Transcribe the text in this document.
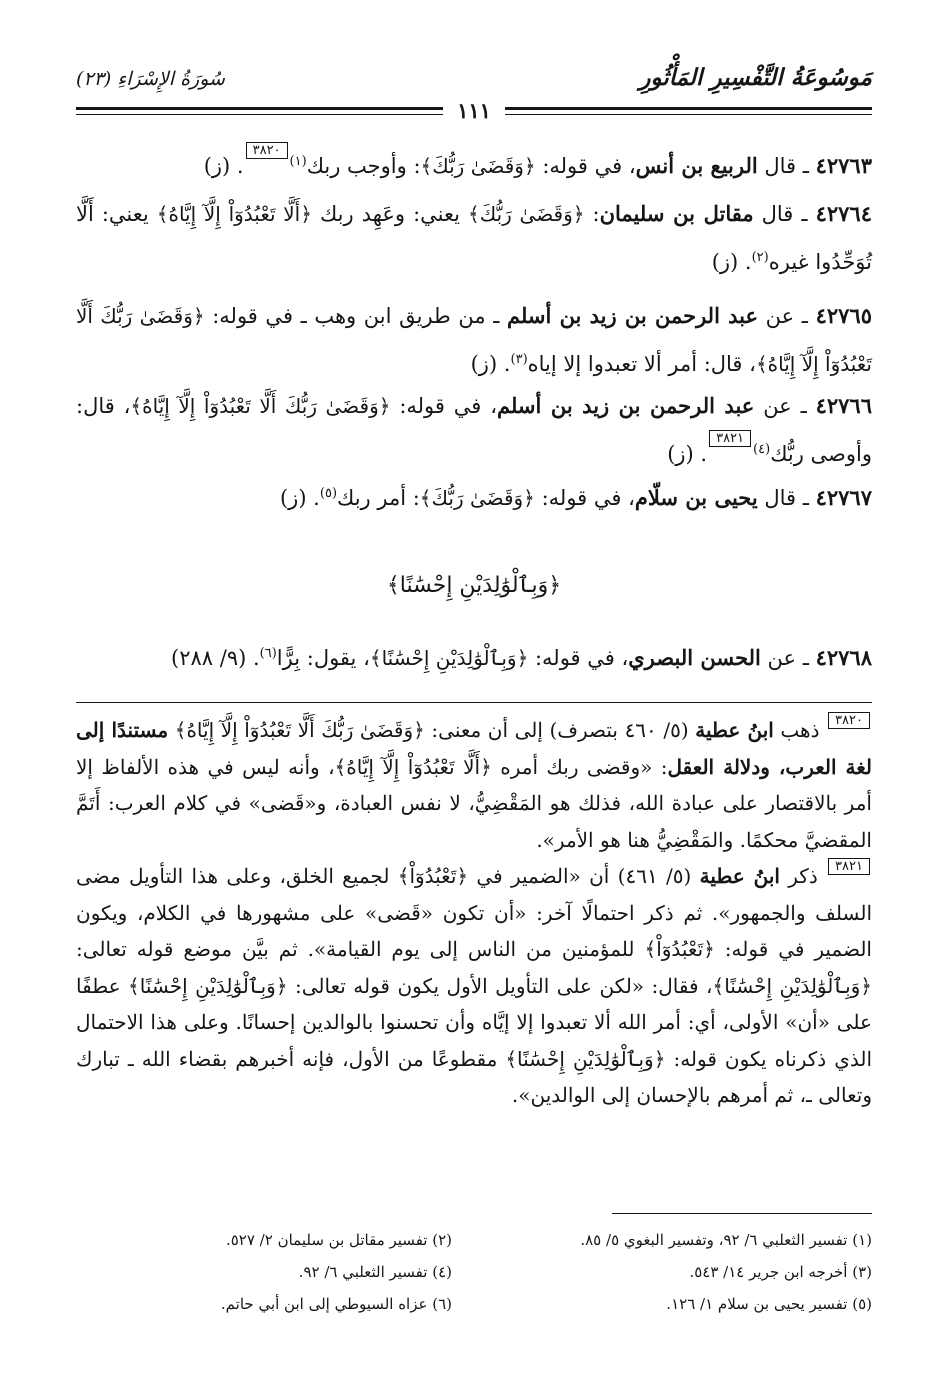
مَوسُوعَةُ التَّفْسِيرِ المَأْثُورِ
سُورَةُ الإِسْرَاءِ (٢٣)
١١١
٤٢٧٦٣ ـ قال الربيع بن أنس، في قوله: ﴿وَقَضَىٰ رَبُّكَ﴾: وأوجب ربك$^{(١)}$٣٨٢٠. (ز)
٤٢٧٦٤ ـ قال مقاتل بن سليمان: ﴿وَقَضَىٰ رَبُّكَ﴾ يعني: وعَهِد ربك ﴿أَلَّا تَعْبُدُوٓاْ إِلَّآ إِيَّاهُ﴾ يعني: أَلَّا تُوَحِّدُوا غيره$^{(٢)}$. (ز)
٤٢٧٦٥ ـ عن عبد الرحمن بن زيد بن أسلم ـ من طريق ابن وهب ـ في قوله: ﴿وَقَضَىٰ رَبُّكَ أَلَّا تَعْبُدُوٓاْ إِلَّآ إِيَّاهُ﴾، قال: أمر ألا تعبدوا إلا إياه$^{(٣)}$. (ز)
٤٢٧٦٦ ـ عن عبد الرحمن بن زيد بن أسلم، في قوله: ﴿وَقَضَىٰ رَبُّكَ أَلَّا تَعْبُدُوٓاْ إِلَّآ إِيَّاهُ﴾، قال: وأوصى ربُّك$^{(٤)}$٣٨٢١. (ز)
٤٢٧٦٧ ـ قال يحيى بن سلّام، في قوله: ﴿وَقَضَىٰ رَبُّكَ﴾: أمر ربك$^{(٥)}$. (ز)
﴿وَبِٱلْوَٰلِدَيْنِ إِحْسَٰنًا﴾
٤٢٧٦٨ ـ عن الحسن البصري، في قوله: ﴿وَبِٱلْوَٰلِدَيْنِ إِحْسَٰنًا﴾، يقول: بِرًّا$^{(٦)}$. (٩/ ٢٨٨)

٣٨٢٠ ذهب ابنُ عطية (٥/ ٤٦٠ بتصرف) إلى أن معنى: ﴿وَقَضَىٰ رَبُّكَ أَلَّا تَعْبُدُوٓاْ إِلَّآ إِيَّاهُ﴾ مستندًا إلى لغة العرب، ودلالة العقل: «وقضى ربك أمره ﴿أَلَّا تَعْبُدُوٓاْ إِلَّآ إِيَّاهُ﴾، وأنه ليس في هذه الألفاظ إلا أمر بالاقتصار على عبادة الله، فذلك هو المَقْضِيُّ، لا نفس العبادة، و«قَضى» في كلام العرب: أَتَمَّ المقضيَّ محكمًا. والمَقْضِيُّ هنا هو الأمر».

٣٨٢١ ذكر ابنُ عطية (٥/ ٤٦١) أن «الضمير في ﴿تَعْبُدُوٓاْ﴾ لجميع الخلق، وعلى هذا التأويل مضى السلف والجمهور». ثم ذكر احتمالًا آخر: «أن تكون «قَضى» على مشهورها في الكلام، ويكون الضمير في قوله: ﴿تَعْبُدُوٓاْ﴾ للمؤمنين من الناس إلى يوم القيامة». ثم بيَّن موضع قوله تعالى: ﴿وَبِٱلْوَٰلِدَيْنِ إِحْسَٰنًا﴾، فقال: «لكن على التأويل الأول يكون قوله تعالى: ﴿وَبِٱلْوَٰلِدَيْنِ إِحْسَٰنًا﴾ عطفًا على «أن» الأولى، أي: أمر الله ألا تعبدوا إلا إيَّاه وأن تحسنوا بالوالدين إحسانًا. وعلى هذا الاحتمال الذي ذكرناه يكون قوله: ﴿وَبِٱلْوَٰلِدَيْنِ إِحْسَٰنًا﴾ مقطوعًا من الأول، فإنه أخبرهم بقضاء الله ـ تبارك وتعالى ـ، ثم أمرهم بالإحسان إلى الوالدين».

(١) تفسير الثعلبي ٦/ ٩٢، وتفسير البغوي ٥/ ٨٥.
(٢) تفسير مقاتل بن سليمان ٢/ ٥٢٧.
(٣) أخرجه ابن جرير ١٤/ ٥٤٣.
(٤) تفسير الثعلبي ٦/ ٩٢.
(٥) تفسير يحيى بن سلام ١/ ١٢٦.
(٦) عزاه السيوطي إلى ابن أبي حاتم.
